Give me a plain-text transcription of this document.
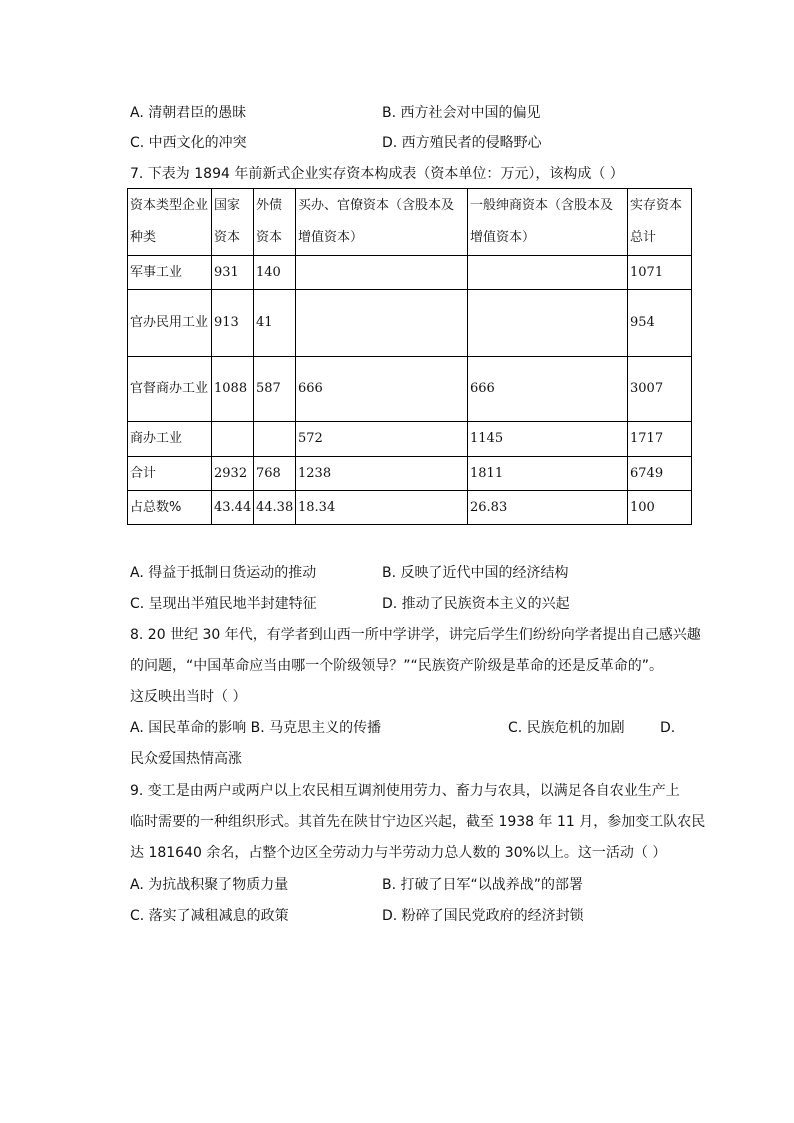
A. 清朝君臣的愚昧	B. 西方社会对中国的偏见
C. 中西文化的冲突	D. 西方殖民者的侵略野心
7. 下表为 1894 年前新式企业实存资本构成表（资本单位：万元），该构成（ ）
资本类型企业种类	国家资本	外债资本	买办、官僚资本（含股本及增值资本）	一般绅商资本（含股本及增值资本）	实存资本总计
军事工业	931	140			1071
官办民用工业	913	41			954
官督商办工业	1088	587	666	666	3007
商办工业			572	1145	1717
合计	2932	768	1238	1811	6749
占总数%	43.44	44.38	18.34	26.83	100
A. 得益于抵制日货运动的推动	B. 反映了近代中国的经济结构
C. 呈现出半殖民地半封建特征	D. 推动了民族资本主义的兴起
8. 20 世纪 30 年代，有学者到山西一所中学讲学，讲完后学生们纷纷向学者提出自己感兴趣
的问题，“中国革命应当由哪一个阶级领导？”“民族资产阶级是革命的还是反革命的”。
这反映出当时（ ）
A. 国民革命的影响 B. 马克思主义的传播	C. 民族危机的加剧	D.
民众爱国热情高涨
9. 变工是由两户或两户以上农民相互调剂使用劳力、畜力与农具，以满足各自农业生产上
临时需要的一种组织形式。其首先在陕甘宁边区兴起，截至 1938 年 11 月，参加变工队农民
达 181640 余名，占整个边区全劳动力与半劳动力总人数的 30%以上。这一活动（ ）
A. 为抗战积聚了物质力量	B. 打破了日军“以战养战”的部署
C. 落实了减租减息的政策	D. 粉碎了国民党政府的经济封锁
